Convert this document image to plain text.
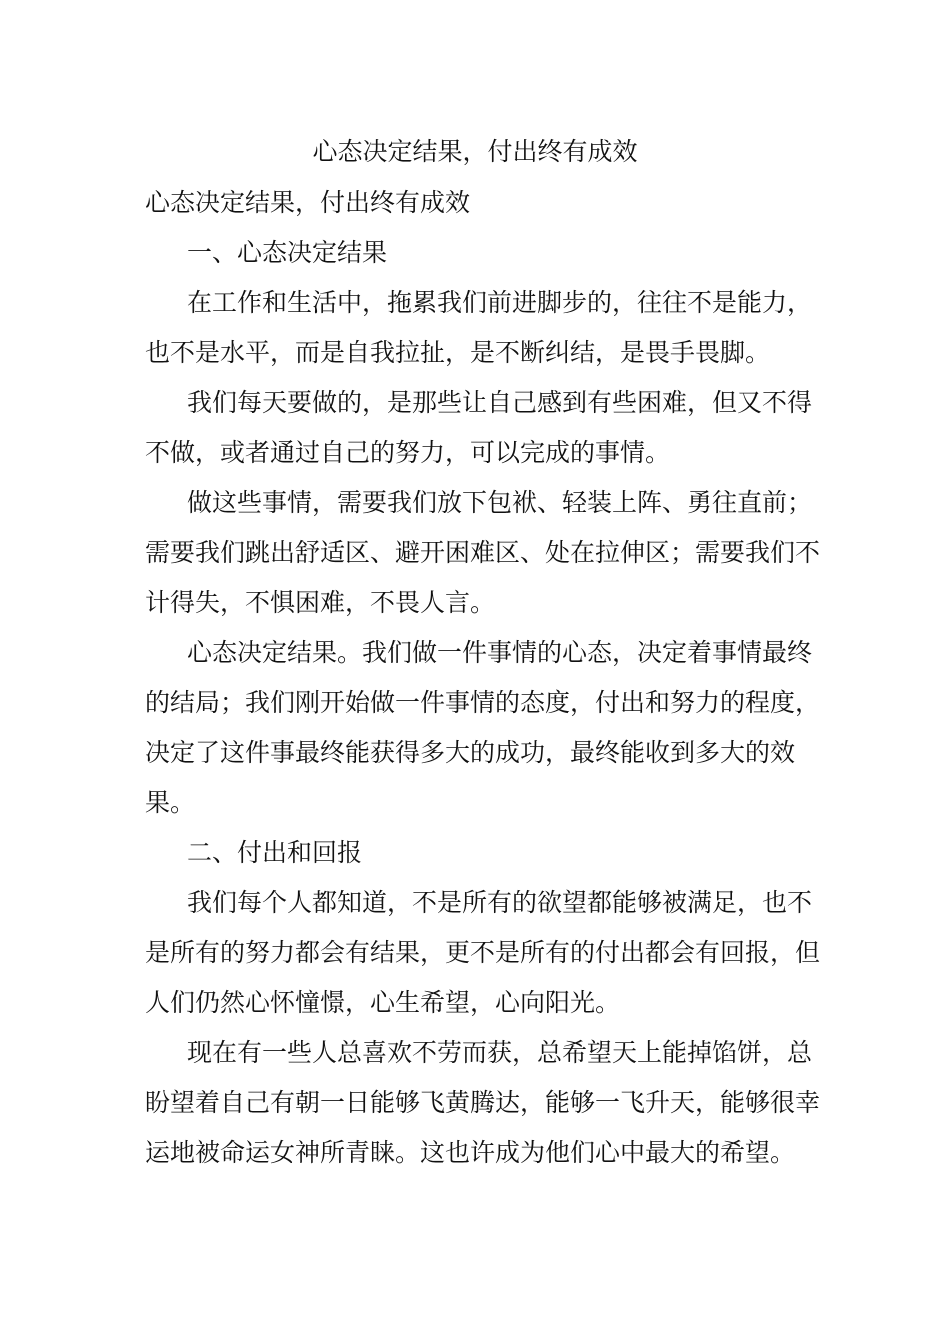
心态决定结果，付出终有成效

心态决定结果，付出终有成效

一、心态决定结果

在工作和生活中，拖累我们前进脚步的，往往不是能力，也不是水平，而是自我拉扯，是不断纠结，是畏手畏脚。

我们每天要做的，是那些让自己感到有些困难，但又不得不做，或者通过自己的努力，可以完成的事情。

做这些事情，需要我们放下包袱、轻装上阵、勇往直前；需要我们跳出舒适区、避开困难区、处在拉伸区；需要我们不计得失，不惧困难，不畏人言。

心态决定结果。我们做一件事情的心态，决定着事情最终的结局；我们刚开始做一件事情的态度，付出和努力的程度，决定了这件事最终能获得多大的成功，最终能收到多大的效果。

二、付出和回报

我们每个人都知道，不是所有的欲望都能够被满足，也不是所有的努力都会有结果，更不是所有的付出都会有回报，但人们仍然心怀憧憬，心生希望，心向阳光。

现在有一些人总喜欢不劳而获，总希望天上能掉馅饼，总盼望着自己有朝一日能够飞黄腾达，能够一飞升天，能够很幸运地被命运女神所青睐。这也许成为他们心中最大的希望。
